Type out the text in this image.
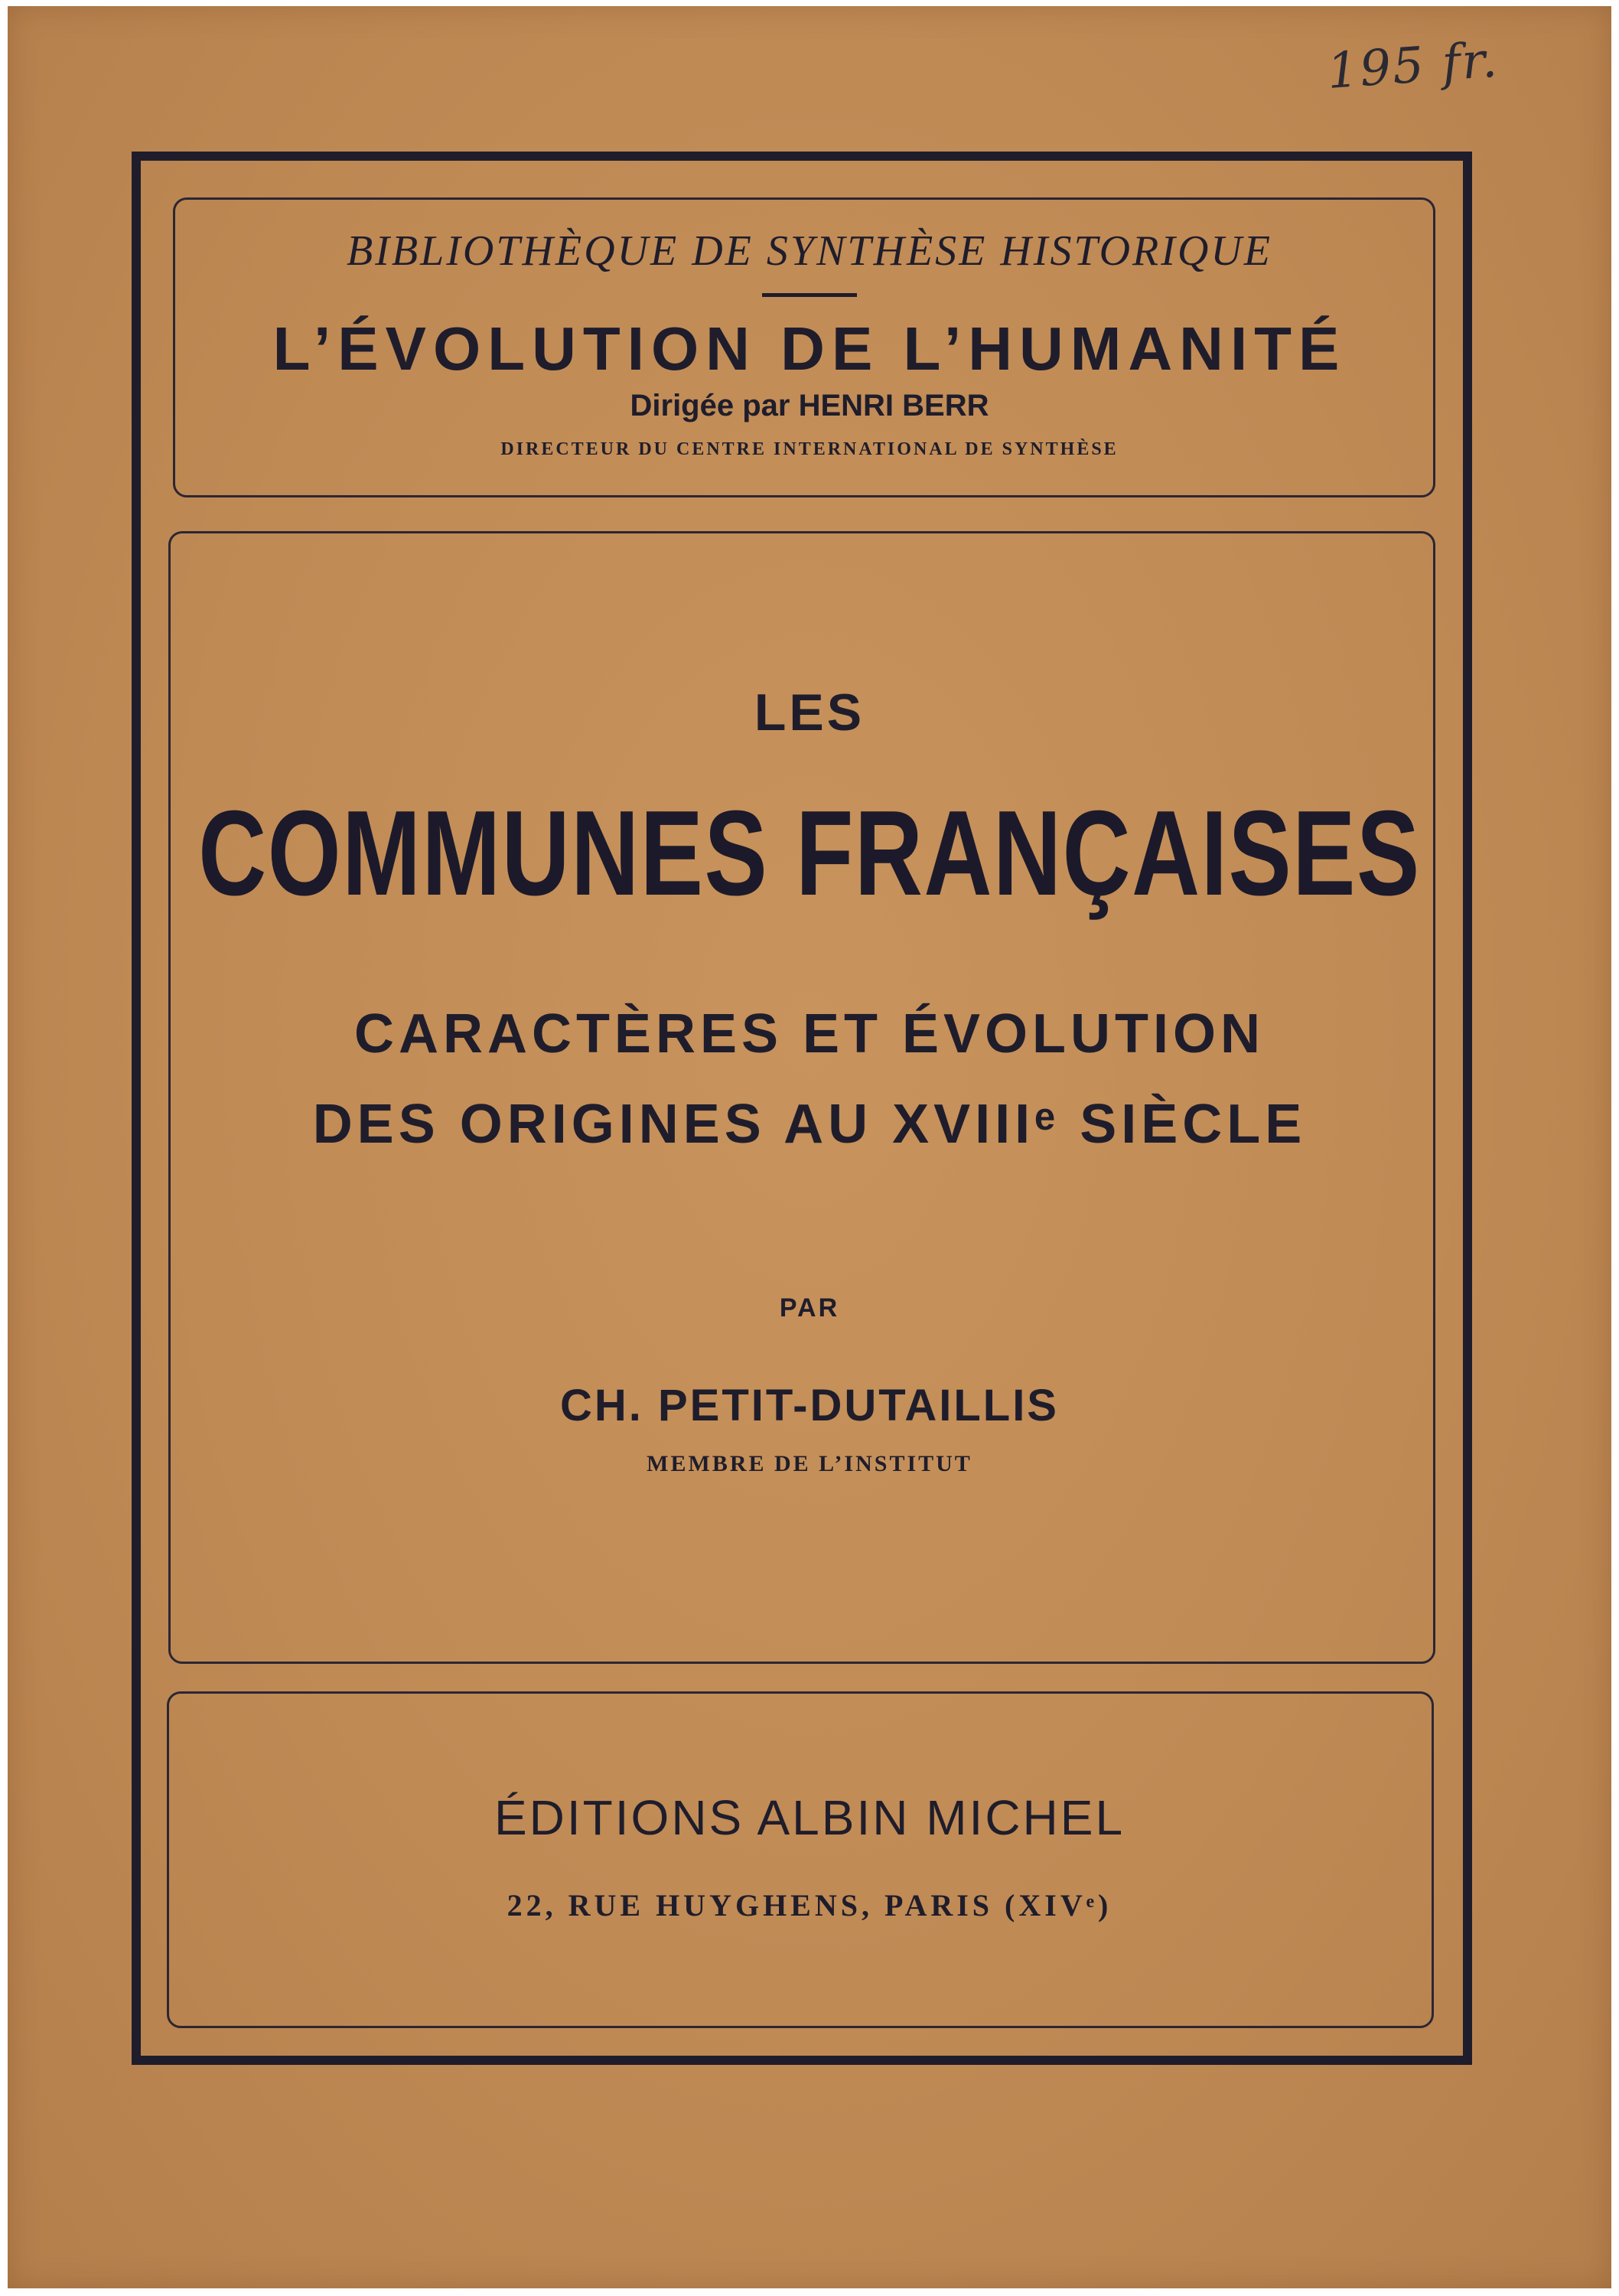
195 fr.
BIBLIOTHÈQUE DE SYNTHÈSE HISTORIQUE
L’ÉVOLUTION DE L’HUMANITÉ
Dirigée par HENRI BERR
DIRECTEUR DU CENTRE INTERNATIONAL DE SYNTHÈSE
LES
COMMUNES FRANÇAISES
CARACTÈRES ET ÉVOLUTION
DES ORIGINES AU XVIIIᵉ SIÈCLE
PAR
CH. PETIT-DUTAILLIS
MEMBRE DE L’INSTITUT
ÉDITIONS ALBIN MICHEL
22, RUE HUYGHENS, PARIS (XIVᵉ)
